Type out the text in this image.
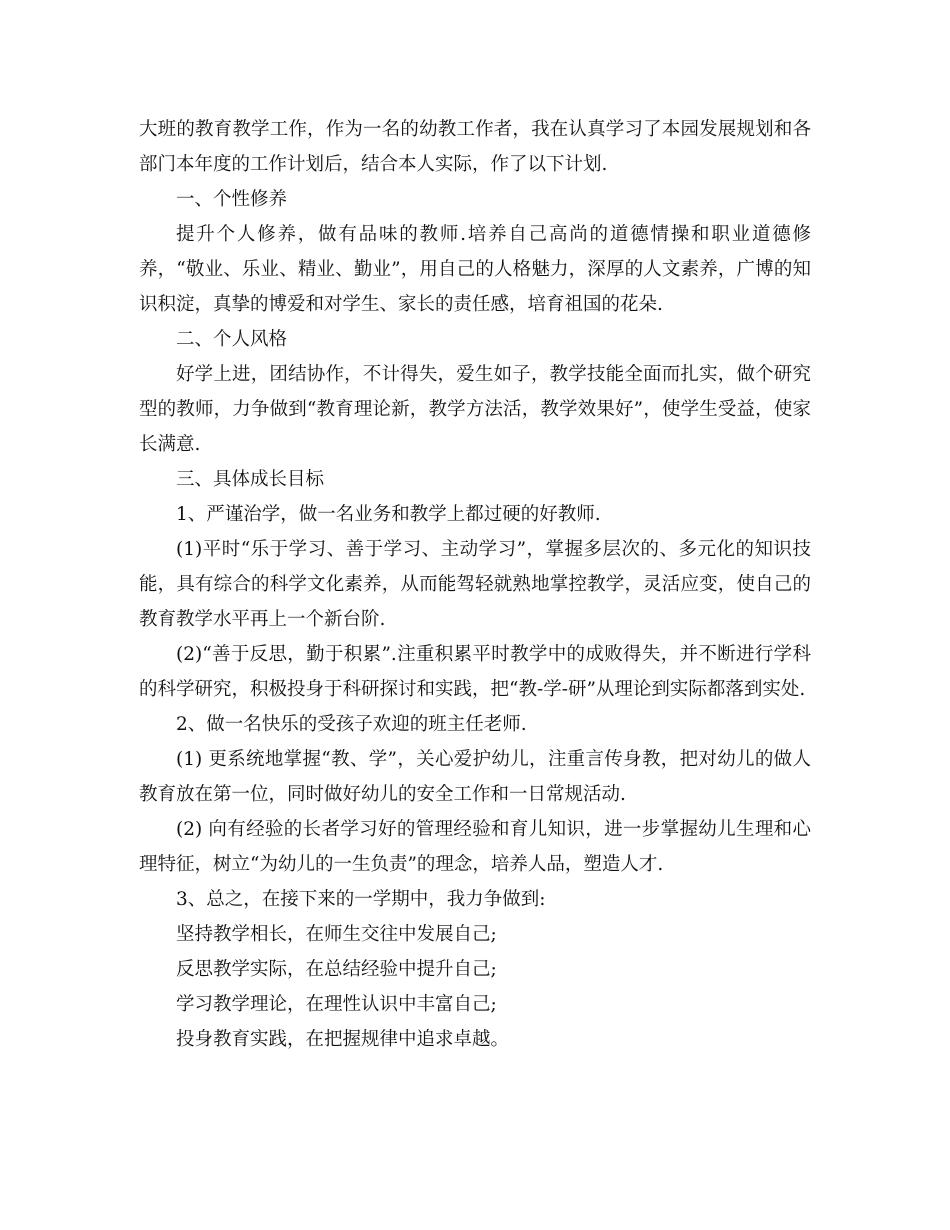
大班的教育教学工作，作为一名的幼教工作者，我在认真学习了本园发展规划和各部门本年度的工作计划后，结合本人实际，作了以下计划.

一、个性修养

提升个人修养，做有品味的教师.培养自己高尚的道德情操和职业道德修养，“敬业、乐业、精业、勤业”，用自己的人格魅力，深厚的人文素养，广博的知识积淀，真挚的博爱和对学生、家长的责任感，培育祖国的花朵.

二、个人风格

好学上进，团结协作，不计得失，爱生如子，教学技能全面而扎实，做个研究型的教师，力争做到“教育理论新，教学方法活，教学效果好”，使学生受益，使家长满意.

三、具体成长目标

1、严谨治学，做一名业务和教学上都过硬的好教师.

(1)平时“乐于学习、善于学习、主动学习”，掌握多层次的、多元化的知识技能，具有综合的科学文化素养，从而能驾轻就熟地掌控教学，灵活应变，使自己的教育教学水平再上一个新台阶.

(2)“善于反思，勤于积累”.注重积累平时教学中的成败得失，并不断进行学科的科学研究，积极投身于科研探讨和实践，把“教-学-研”从理论到实际都落到实处.

2、做一名快乐的受孩子欢迎的班主任老师.

(1) 更系统地掌握“教、学”，关心爱护幼儿，注重言传身教，把对幼儿的做人教育放在第一位，同时做好幼儿的安全工作和一日常规活动.

(2) 向有经验的长者学习好的管理经验和育儿知识，进一步掌握幼儿生理和心理特征，树立“为幼儿的一生负责”的理念，培养人品，塑造人才.

3、总之，在接下来的一学期中，我力争做到:

坚持教学相长，在师生交往中发展自己;

反思教学实际，在总结经验中提升自己;

学习教学理论，在理性认识中丰富自己;

投身教育实践，在把握规律中追求卓越。
